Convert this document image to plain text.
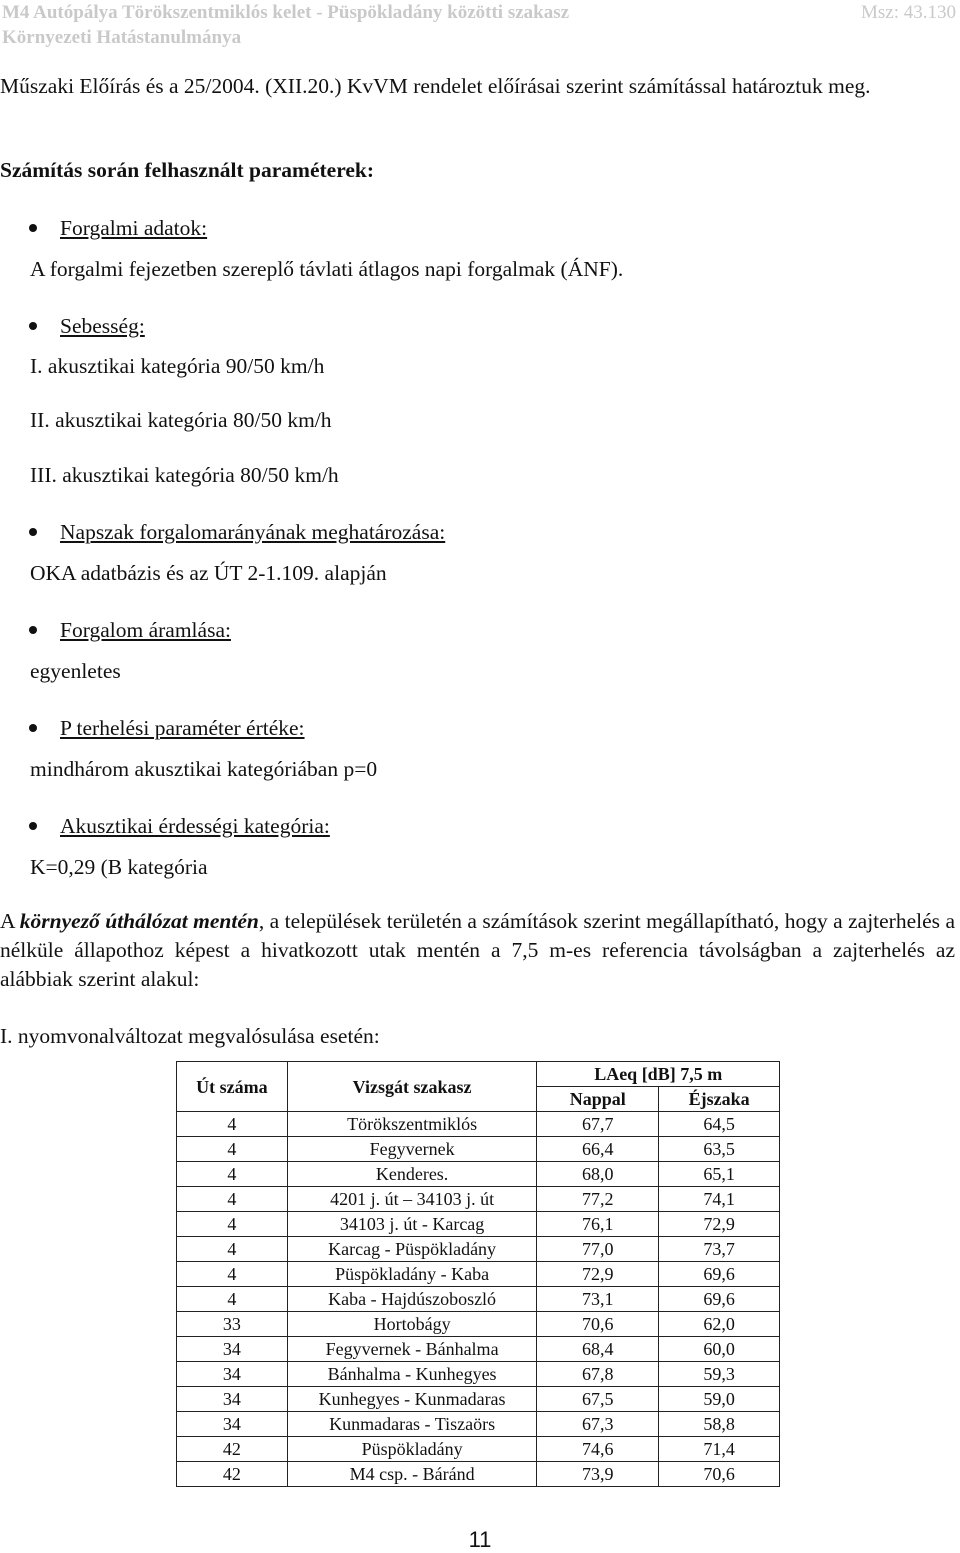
M4 Autópálya Törökszentmiklós kelet - Püspökladány közötti szakasz	Msz: 43.130
Környezeti Hatástanulmánya
Műszaki Előírás és a 25/2004. (XII.20.) KvVM rendelet előírásai szerint számítással határoztuk meg.
Számítás során felhasznált paraméterek:
Forgalmi adatok:
A forgalmi fejezetben szereplő távlati átlagos napi forgalmak (ÁNF).
Sebesség:
I. akusztikai kategória 90/50 km/h
II. akusztikai kategória 80/50 km/h
III. akusztikai kategória 80/50 km/h
Napszak forgalomarányának meghatározása:
OKA adatbázis és az ÚT 2-1.109. alapján
Forgalom áramlása:
egyenletes
P terhelési paraméter értéke:
mindhárom akusztikai kategóriában p=0
Akusztikai érdességi kategória:
K=0,29 (B kategória
A környező úthálózat mentén, a települések területén a számítások szerint megállapítható, hogy a zajterhelés a nélküle állapothoz képest a hivatkozott utak mentén a 7,5 m-es referencia távolságban a zajterhelés az alábbiak szerint alakul:
I. nyomvonalváltozat megvalósulása esetén:
Út száma	Vizsgát szakasz	LAeq [dB] 7,5 m	
		Nappal	Éjszaka
4	Törökszentmiklós	67,7	64,5
4	Fegyvernek	66,4	63,5
4	Kenderes.	68,0	65,1
4	4201 j. út – 34103 j. út	77,2	74,1
4	34103 j. út - Karcag	76,1	72,9
4	Karcag - Püspökladány	77,0	73,7
4	Püspökladány - Kaba	72,9	69,6
4	Kaba - Hajdúszoboszló	73,1	69,6
33	Hortobágy	70,6	62,0
34	Fegyvernek - Bánhalma	68,4	60,0
34	Bánhalma - Kunhegyes	67,8	59,3
34	Kunhegyes - Kunmadaras	67,5	59,0
34	Kunmadaras - Tiszaörs	67,3	58,8
42	Püspökladány	74,6	71,4
42	M4 csp. - Báránd	73,9	70,6
11
